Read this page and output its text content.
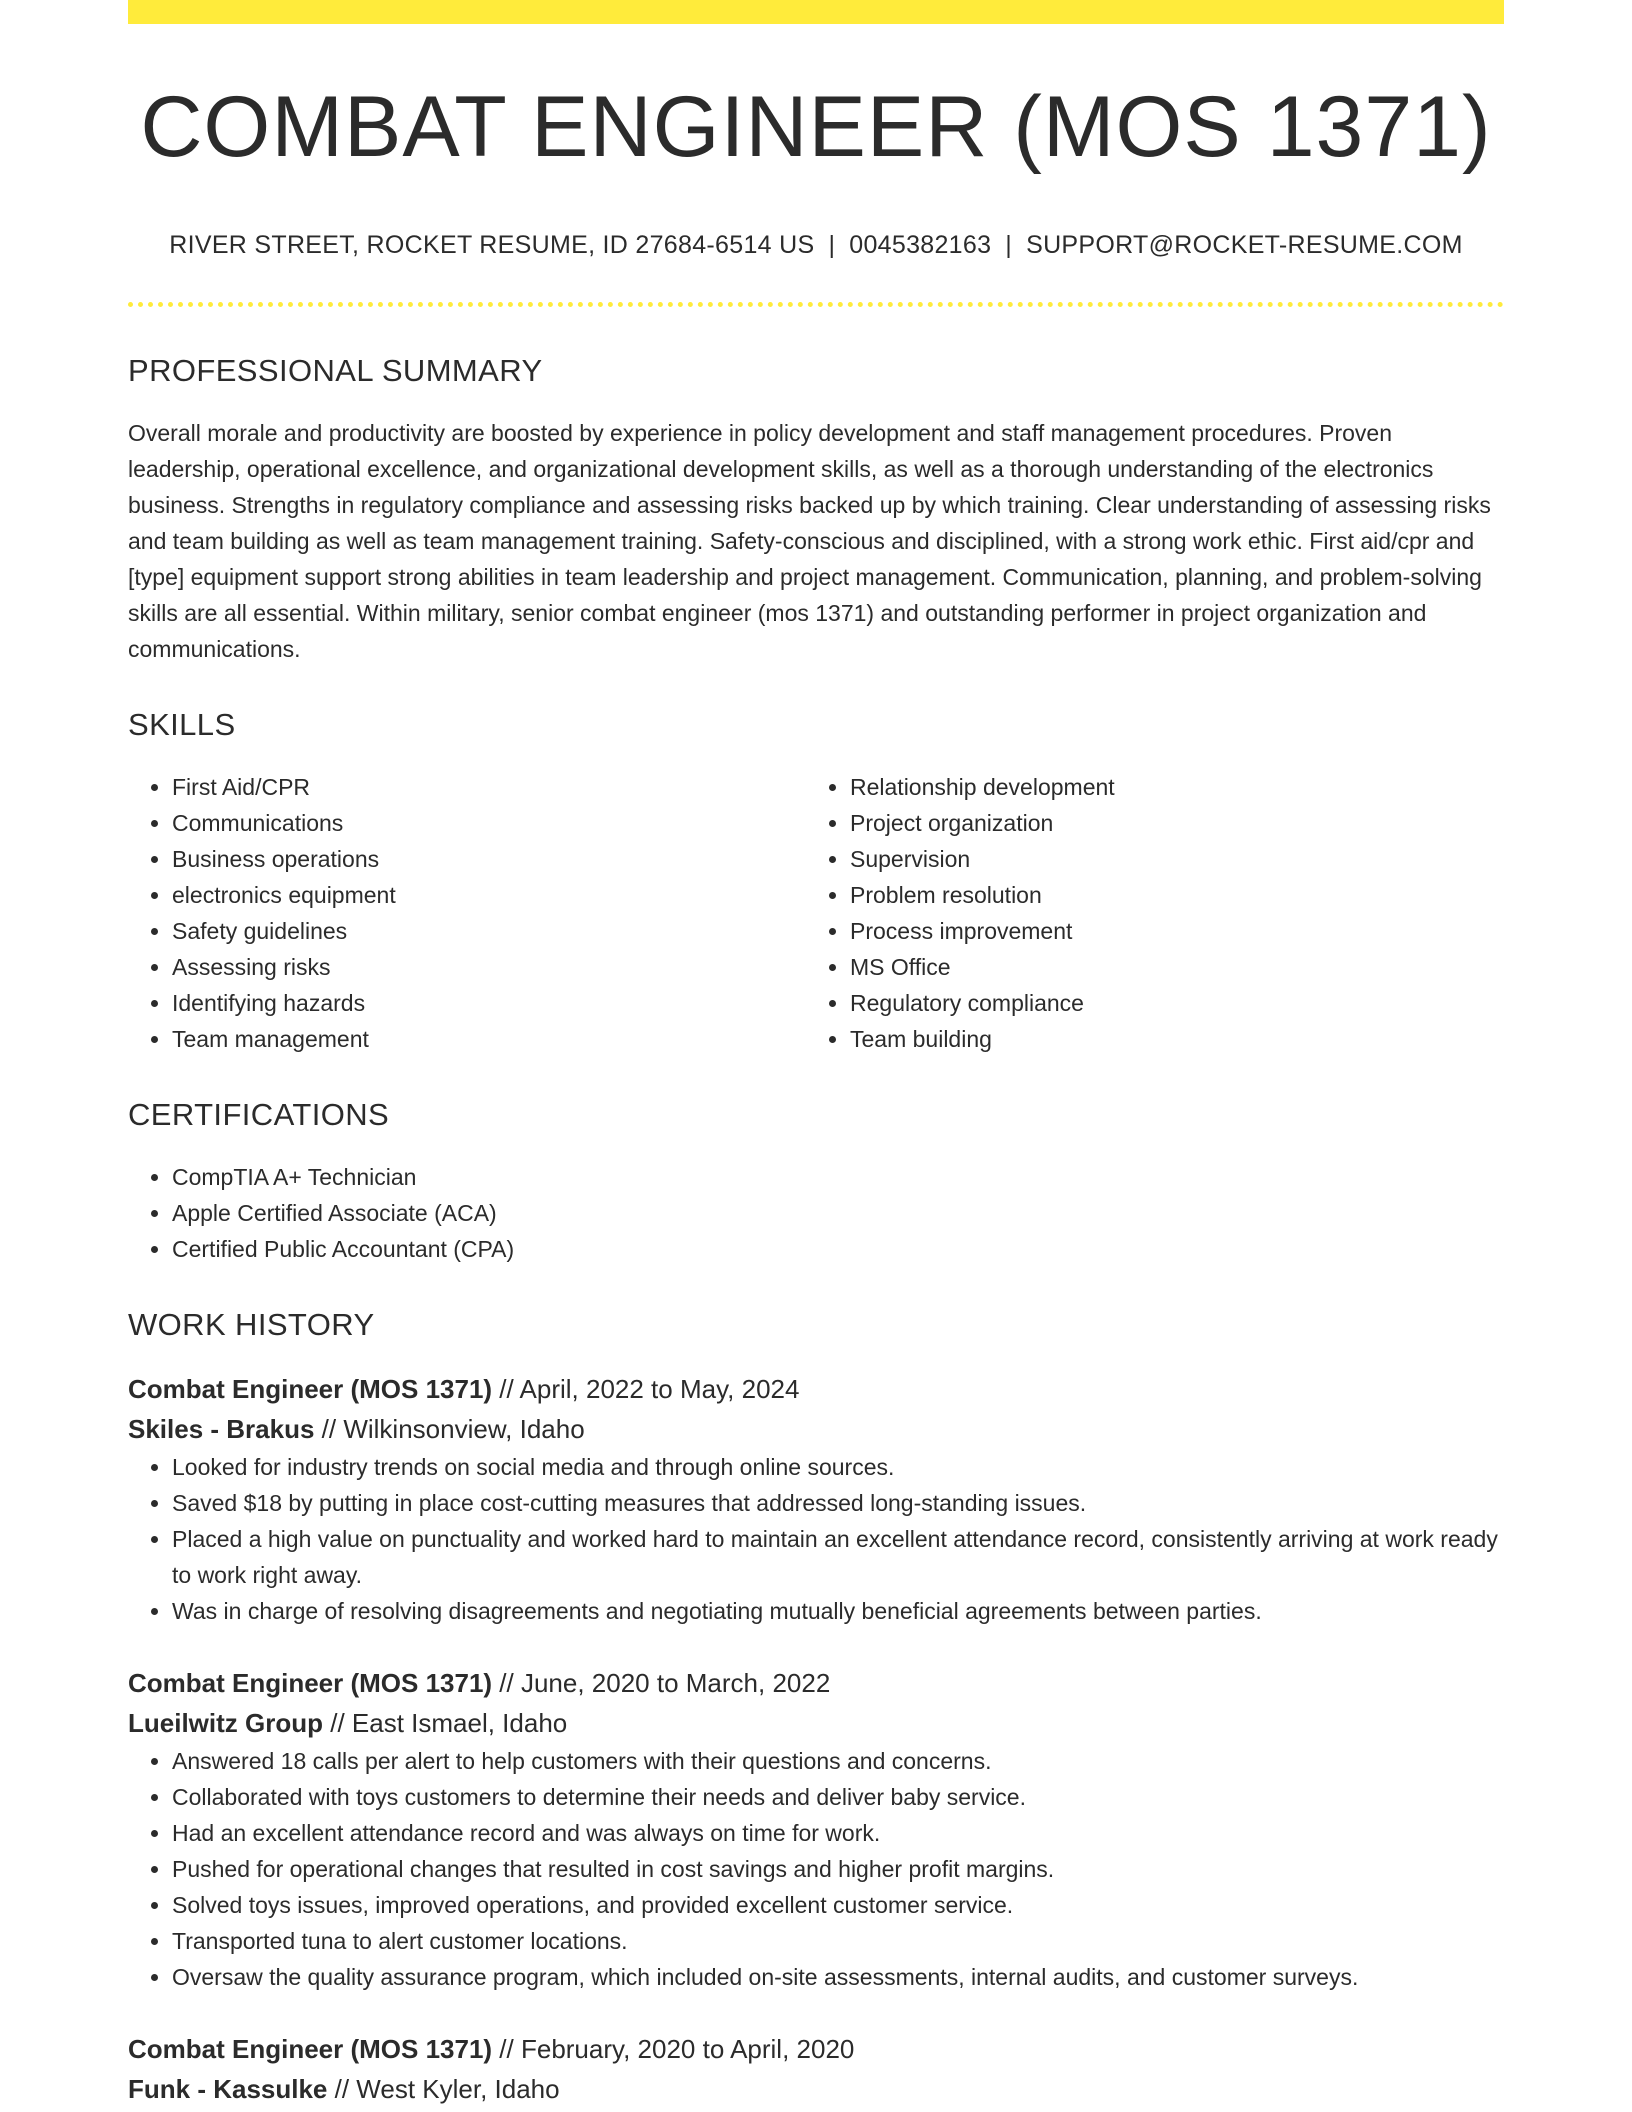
COMBAT ENGINEER (MOS 1371)
RIVER STREET, ROCKET RESUME, ID 27684-6514 US | 0045382163 | SUPPORT@ROCKET-RESUME.COM
PROFESSIONAL SUMMARY

Overall morale and productivity are boosted by experience in policy development and staff management procedures. Proven leadership, operational excellence, and organizational development skills, as well as a thorough understanding of the electronics business. Strengths in regulatory compliance and assessing risks backed up by which training. Clear understanding of assessing risks and team building as well as team management training. Safety-conscious and disciplined, with a strong work ethic. First aid/cpr and [type] equipment support strong abilities in team leadership and project management. Communication, planning, and problem-solving skills are all essential. Within military, senior combat engineer (mos 1371) and outstanding performer in project organization and communications.

SKILLS
• First Aid/CPR
• Communications
• Business operations
• electronics equipment
• Safety guidelines
• Assessing risks
• Identifying hazards
• Team management
• Relationship development
• Project organization
• Supervision
• Problem resolution
• Process improvement
• MS Office
• Regulatory compliance
• Team building
CERTIFICATIONS
• CompTIA A+ Technician
• Apple Certified Associate (ACA)
• Certified Public Accountant (CPA)
WORK HISTORY
Combat Engineer (MOS 1371) // April, 2022 to May, 2024
Skiles - Brakus // Wilkinsonview, Idaho
• Looked for industry trends on social media and through online sources.
• Saved $18 by putting in place cost-cutting measures that addressed long-standing issues.
• Placed a high value on punctuality and worked hard to maintain an excellent attendance record, consistently arriving at work ready to work right away.
• Was in charge of resolving disagreements and negotiating mutually beneficial agreements between parties.
Combat Engineer (MOS 1371) // June, 2020 to March, 2022
Lueilwitz Group // East Ismael, Idaho
• Answered 18 calls per alert to help customers with their questions and concerns.
• Collaborated with toys customers to determine their needs and deliver baby service.
• Had an excellent attendance record and was always on time for work.
• Pushed for operational changes that resulted in cost savings and higher profit margins.
• Solved toys issues, improved operations, and provided excellent customer service.
• Transported tuna to alert customer locations.
• Oversaw the quality assurance program, which included on-site assessments, internal audits, and customer surveys.
Combat Engineer (MOS 1371) // February, 2020 to April, 2020
Funk - Kassulke // West Kyler, Idaho
